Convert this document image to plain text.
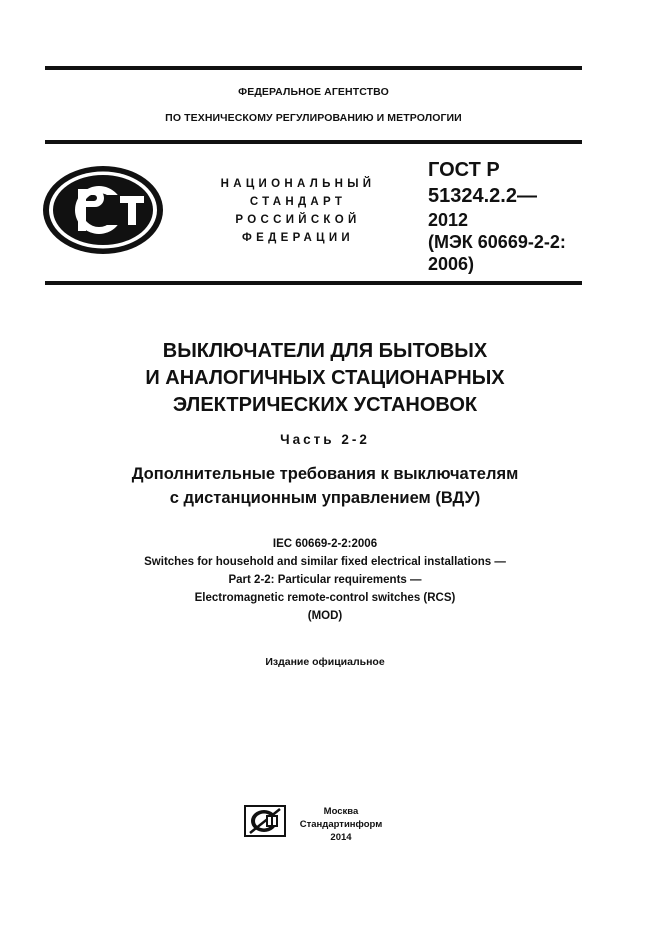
ФЕДЕРАЛЬНОЕ АГЕНТСТВО
ПО ТЕХНИЧЕСКОМУ РЕГУЛИРОВАНИЮ И МЕТРОЛОГИИ
НАЦИОНАЛЬНЫЙ
СТАНДАРТ
РОССИЙСКОЙ
ФЕДЕРАЦИИ
ГОСТ Р
51324.2.2—
2012
(МЭК 60669-2-2:
2006)
ВЫКЛЮЧАТЕЛИ ДЛЯ БЫТОВЫХ
И АНАЛОГИЧНЫХ СТАЦИОНАРНЫХ
ЭЛЕКТРИЧЕСКИХ УСТАНОВОК
Часть 2-2
Дополнительные требования к выключателям
с дистанционным управлением (ВДУ)
IEC 60669-2-2:2006
Switches for household and similar fixed electrical installations —
Part 2-2: Particular requirements —
Electromagnetic remote-control switches (RCS)
(MOD)
Издание официальное
Москва
Стандартинформ
2014
